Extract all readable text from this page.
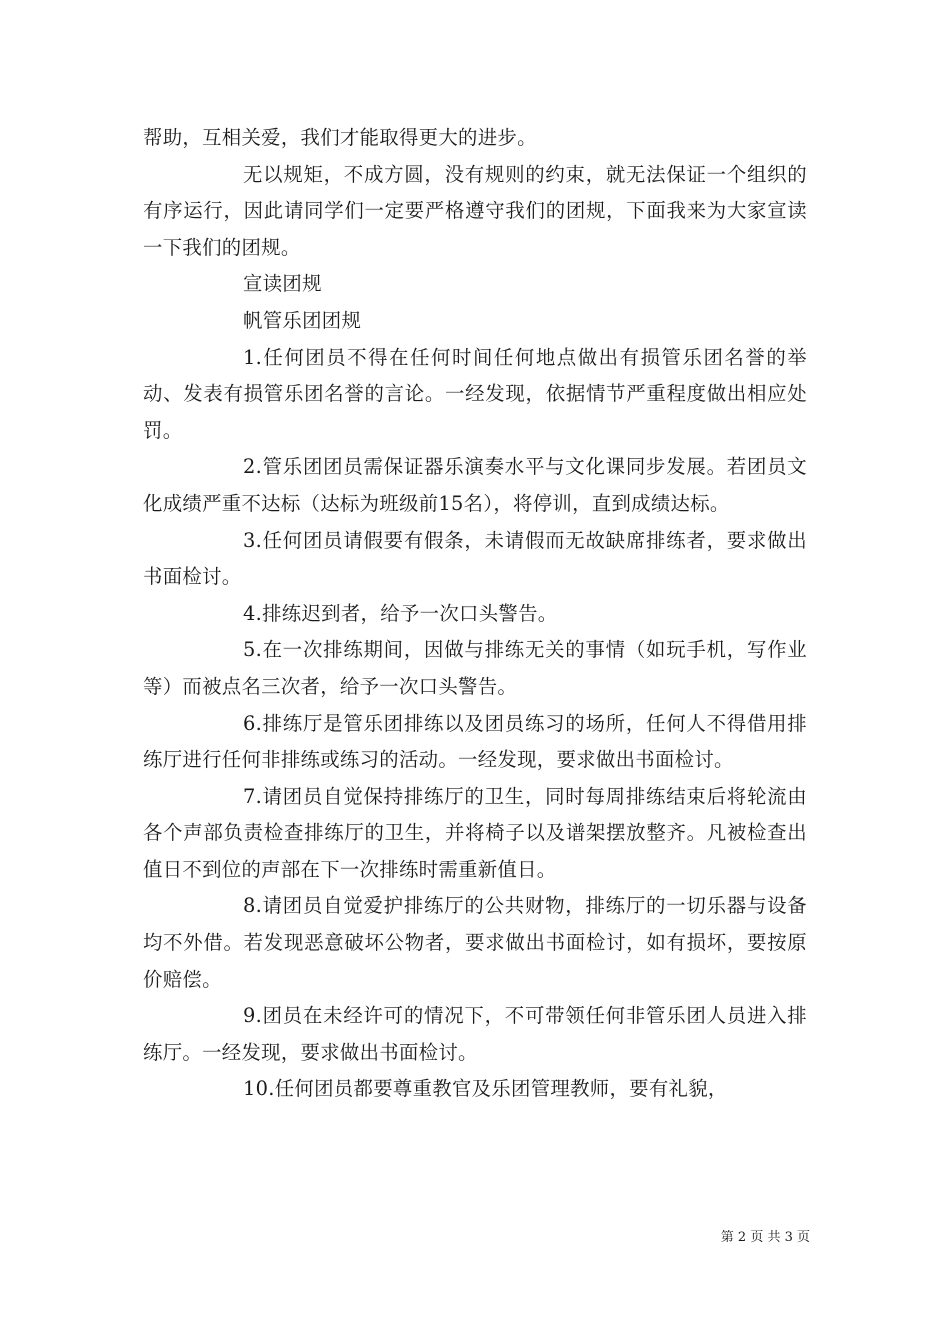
帮助，互相关爱，我们才能取得更大的进步。

无以规矩，不成方圆，没有规则的约束，就无法保证一个组织的有序运行，因此请同学们一定要严格遵守我们的团规，下面我来为大家宣读一下我们的团规。

宣读团规

帆管乐团团规

1.任何团员不得在任何时间任何地点做出有损管乐团名誉的举动、发表有损管乐团名誉的言论。一经发现，依据情节严重程度做出相应处罚。

2.管乐团团员需保证器乐演奏水平与文化课同步发展。若团员文化成绩严重不达标（达标为班级前15名），将停训，直到成绩达标。

3.任何团员请假要有假条，未请假而无故缺席排练者，要求做出书面检讨。

4.排练迟到者，给予一次口头警告。

5.在一次排练期间，因做与排练无关的事情（如玩手机，写作业等）而被点名三次者，给予一次口头警告。

6.排练厅是管乐团排练以及团员练习的场所，任何人不得借用排练厅进行任何非排练或练习的活动。一经发现，要求做出书面检讨。

7.请团员自觉保持排练厅的卫生，同时每周排练结束后将轮流由各个声部负责检查排练厅的卫生，并将椅子以及谱架摆放整齐。凡被检查出值日不到位的声部在下一次排练时需重新值日。

8.请团员自觉爱护排练厅的公共财物，排练厅的一切乐器与设备均不外借。若发现恶意破坏公物者，要求做出书面检讨，如有损坏，要按原价赔偿。

9.团员在未经许可的情况下，不可带领任何非管乐团人员进入排练厅。一经发现，要求做出书面检讨。

10.任何团员都要尊重教官及乐团管理教师，要有礼貌，

第 2 页 共 3 页
